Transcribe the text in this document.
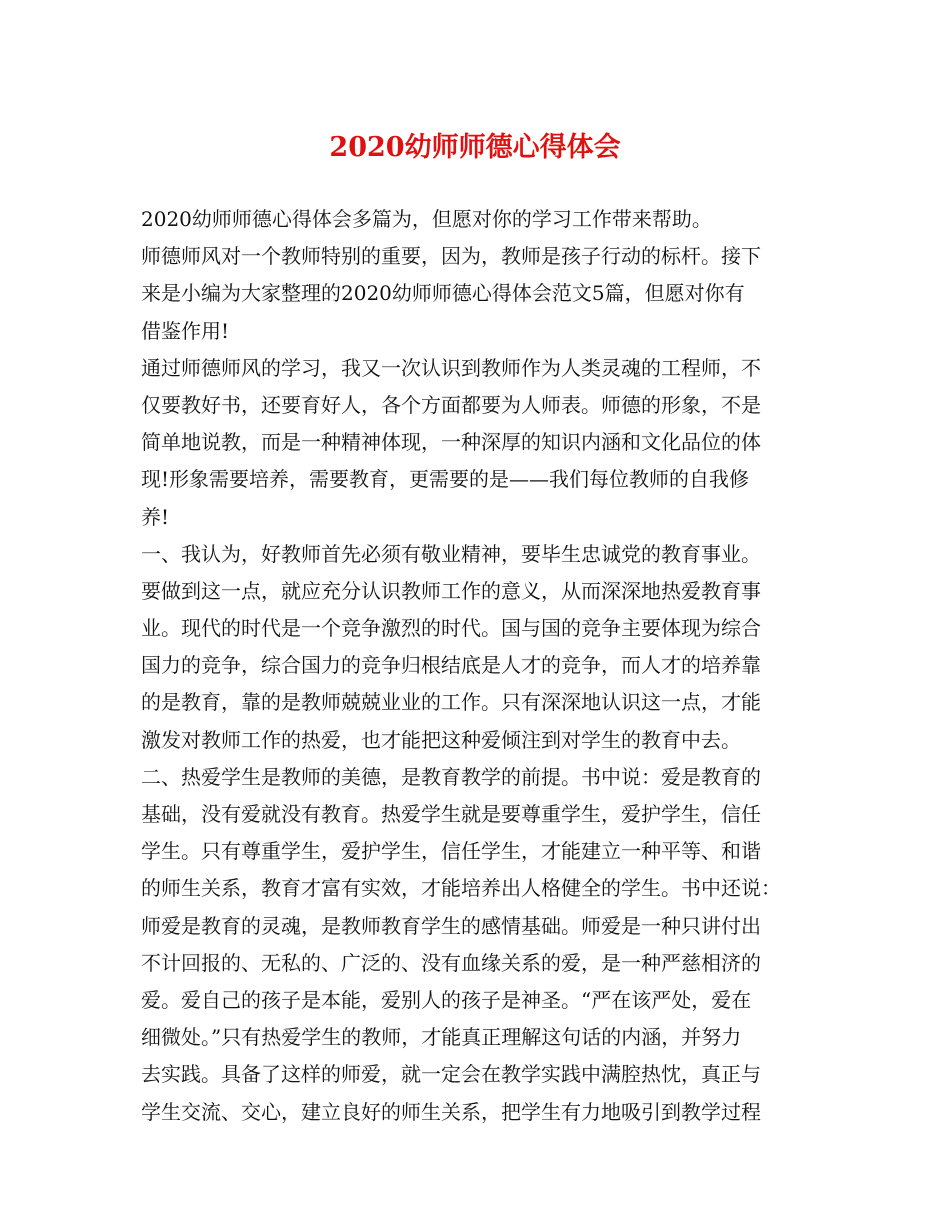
2020幼师师德心得体会
2020幼师师德心得体会多篇为，但愿对你的学习工作带来帮助。
师德师风对一个教师特别的重要，因为，教师是孩子行动的标杆。接下
来是小编为大家整理的2020幼师师德心得体会范文5篇，但愿对你有
借鉴作用!
通过师德师风的学习，我又一次认识到教师作为人类灵魂的工程师，不
仅要教好书，还要育好人，各个方面都要为人师表。师德的形象，不是
简单地说教，而是一种精神体现，一种深厚的知识内涵和文化品位的体
现!形象需要培养，需要教育，更需要的是——我们每位教师的自我修
养!
一、我认为，好教师首先必须有敬业精神，要毕生忠诚党的教育事业。
要做到这一点，就应充分认识教师工作的意义，从而深深地热爱教育事
业。现代的时代是一个竞争激烈的时代。国与国的竞争主要体现为综合
国力的竞争，综合国力的竞争归根结底是人才的竞争，而人才的培养靠
的是教育，靠的是教师兢兢业业的工作。只有深深地认识这一点，才能
激发对教师工作的热爱，也才能把这种爱倾注到对学生的教育中去。
二、热爱学生是教师的美德，是教育教学的前提。书中说：爱是教育的
基础，没有爱就没有教育。热爱学生就是要尊重学生，爱护学生，信任
学生。只有尊重学生，爱护学生，信任学生，才能建立一种平等、和谐
的师生关系，教育才富有实效，才能培养出人格健全的学生。书中还说：
师爱是教育的灵魂，是教师教育学生的感情基础。师爱是一种只讲付出
不计回报的、无私的、广泛的、没有血缘关系的爱，是一种严慈相济的
爱。爱自己的孩子是本能，爱别人的孩子是神圣。“严在该严处，爱在
细微处。”只有热爱学生的教师，才能真正理解这句话的内涵，并努力
去实践。具备了这样的师爱，就一定会在教学实践中满腔热忱，真正与
学生交流、交心，建立良好的师生关系，把学生有力地吸引到教学过程
